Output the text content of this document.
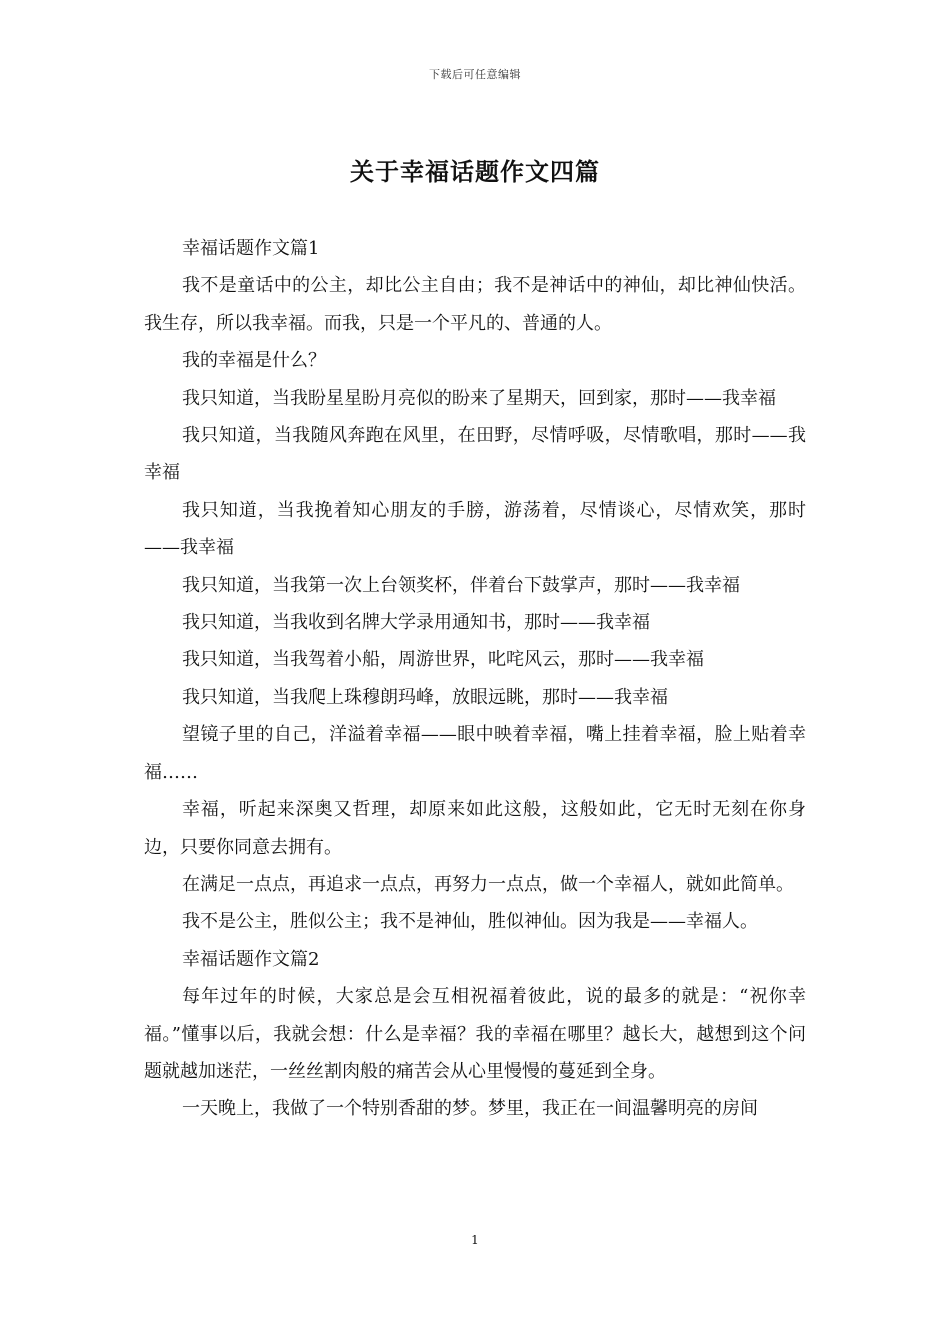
下载后可任意编辑
关于幸福话题作文四篇

幸福话题作文篇1

我不是童话中的公主，却比公主自由；我不是神话中的神仙，却比神仙快活。我生存，所以我幸福。而我，只是一个平凡的、普通的人。

我的幸福是什么？

我只知道，当我盼星星盼月亮似的盼来了星期天，回到家，那时——我幸福

我只知道，当我随风奔跑在风里，在田野，尽情呼吸，尽情歌唱，那时——我幸福

我只知道，当我挽着知心朋友的手膀，游荡着，尽情谈心，尽情欢笑，那时——我幸福

我只知道，当我第一次上台领奖杯，伴着台下鼓掌声，那时——我幸福

我只知道，当我收到名牌大学录用通知书，那时——我幸福

我只知道，当我驾着小船，周游世界，叱咤风云，那时——我幸福

我只知道，当我爬上珠穆朗玛峰，放眼远眺，那时——我幸福

望镜子里的自己，洋溢着幸福——眼中映着幸福，嘴上挂着幸福，脸上贴着幸福……

幸福，听起来深奥又哲理，却原来如此这般，这般如此，它无时无刻在你身边，只要你同意去拥有。

在满足一点点，再追求一点点，再努力一点点，做一个幸福人，就如此简单。

我不是公主，胜似公主；我不是神仙，胜似神仙。因为我是——幸福人。

幸福话题作文篇2

每年过年的时候，大家总是会互相祝福着彼此，说的最多的就是：“祝你幸福。”懂事以后，我就会想：什么是幸福？我的幸福在哪里？越长大，越想到这个问题就越加迷茫，一丝丝割肉般的痛苦会从心里慢慢的蔓延到全身。

一天晚上，我做了一个特别香甜的梦。梦里，我正在一间温馨明亮的房间

1
